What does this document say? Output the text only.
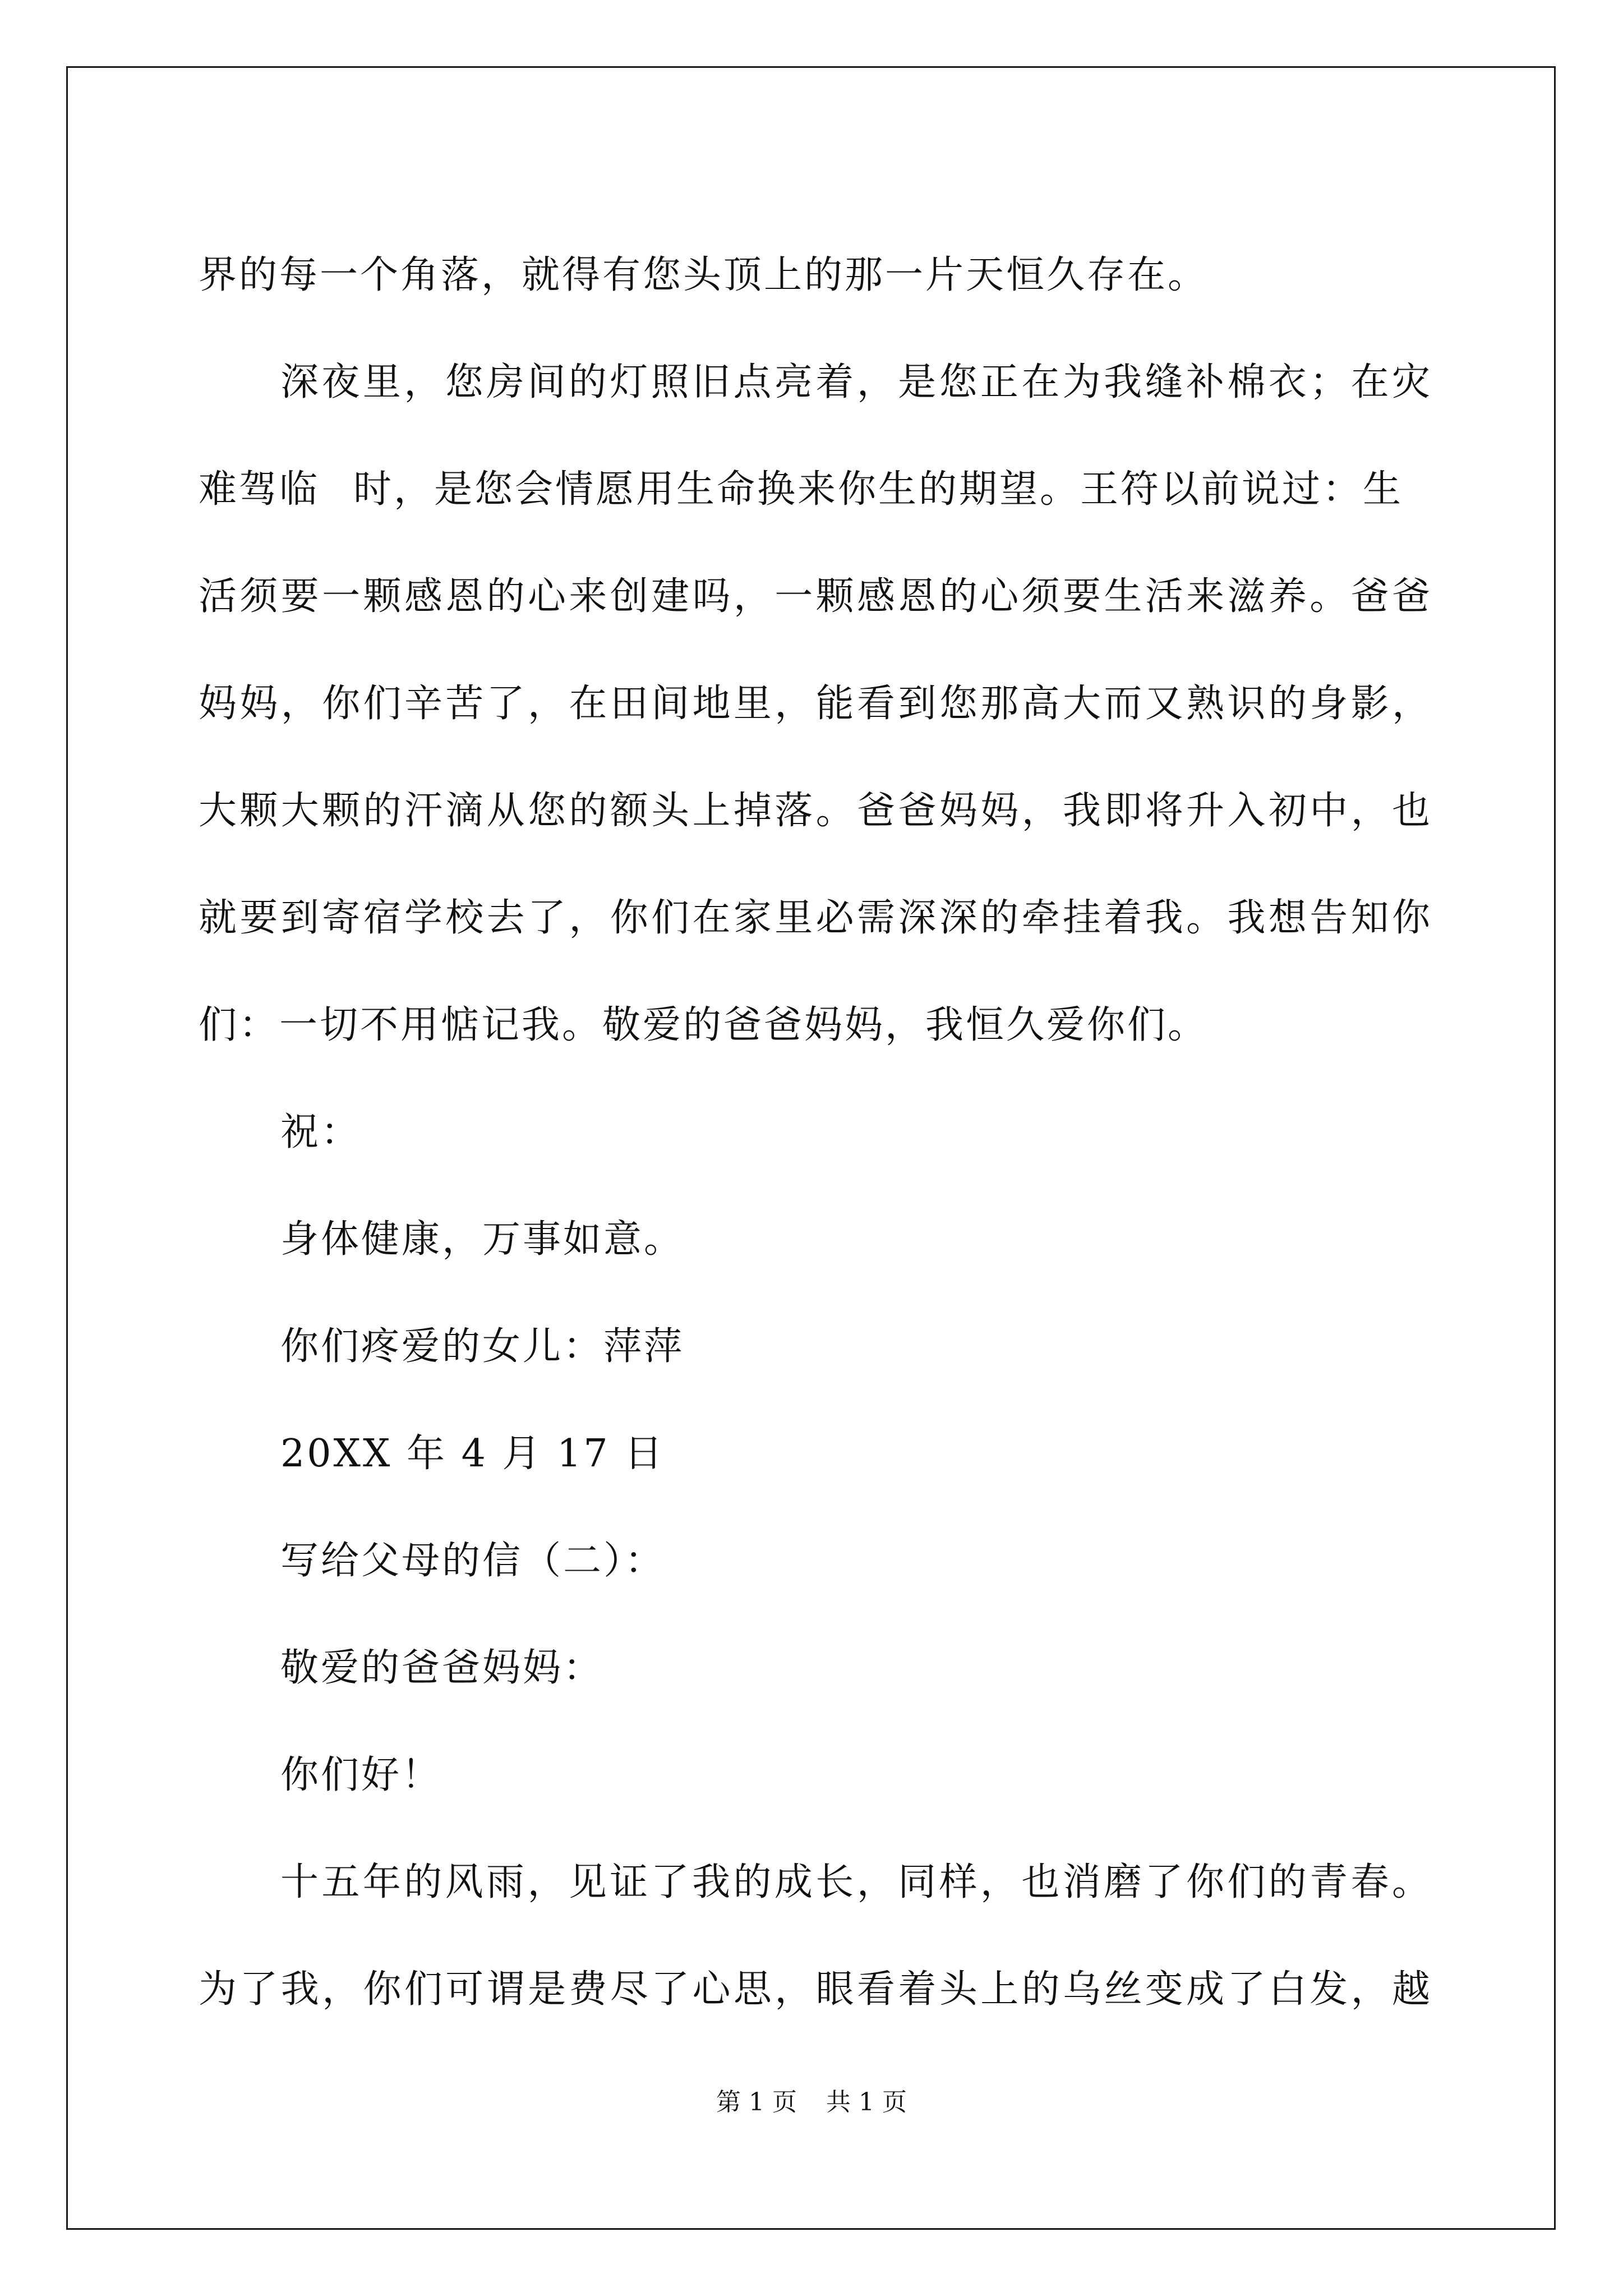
界的每一个角落，就得有您头顶上的那一片天恒久存在。
深夜里，您房间的灯照旧点亮着，是您正在为我缝补棉衣；在灾
难驾临 时，是您会情愿用生命换来你生的期望。王符以前说过：生
活须要一颗感恩的心来创建吗，一颗感恩的心须要生活来滋养。爸爸
妈妈，你们辛苦了，在田间地里，能看到您那高大而又熟识的身影，
大颗大颗的汗滴从您的额头上掉落。爸爸妈妈，我即将升入初中，也
就要到寄宿学校去了，你们在家里必需深深的牵挂着我。我想告知你
们：一切不用惦记我。敬爱的爸爸妈妈，我恒久爱你们。
祝：
身体健康，万事如意。
你们疼爱的女儿：萍萍
20XX 年 4 月 17 日
写给父母的信（二）：
敬爱的爸爸妈妈：
你们好！
十五年的风雨，见证了我的成长，同样，也消磨了你们的青春。
为了我，你们可谓是费尽了心思，眼看着头上的乌丝变成了白发，越
第 1 页 共 1 页
